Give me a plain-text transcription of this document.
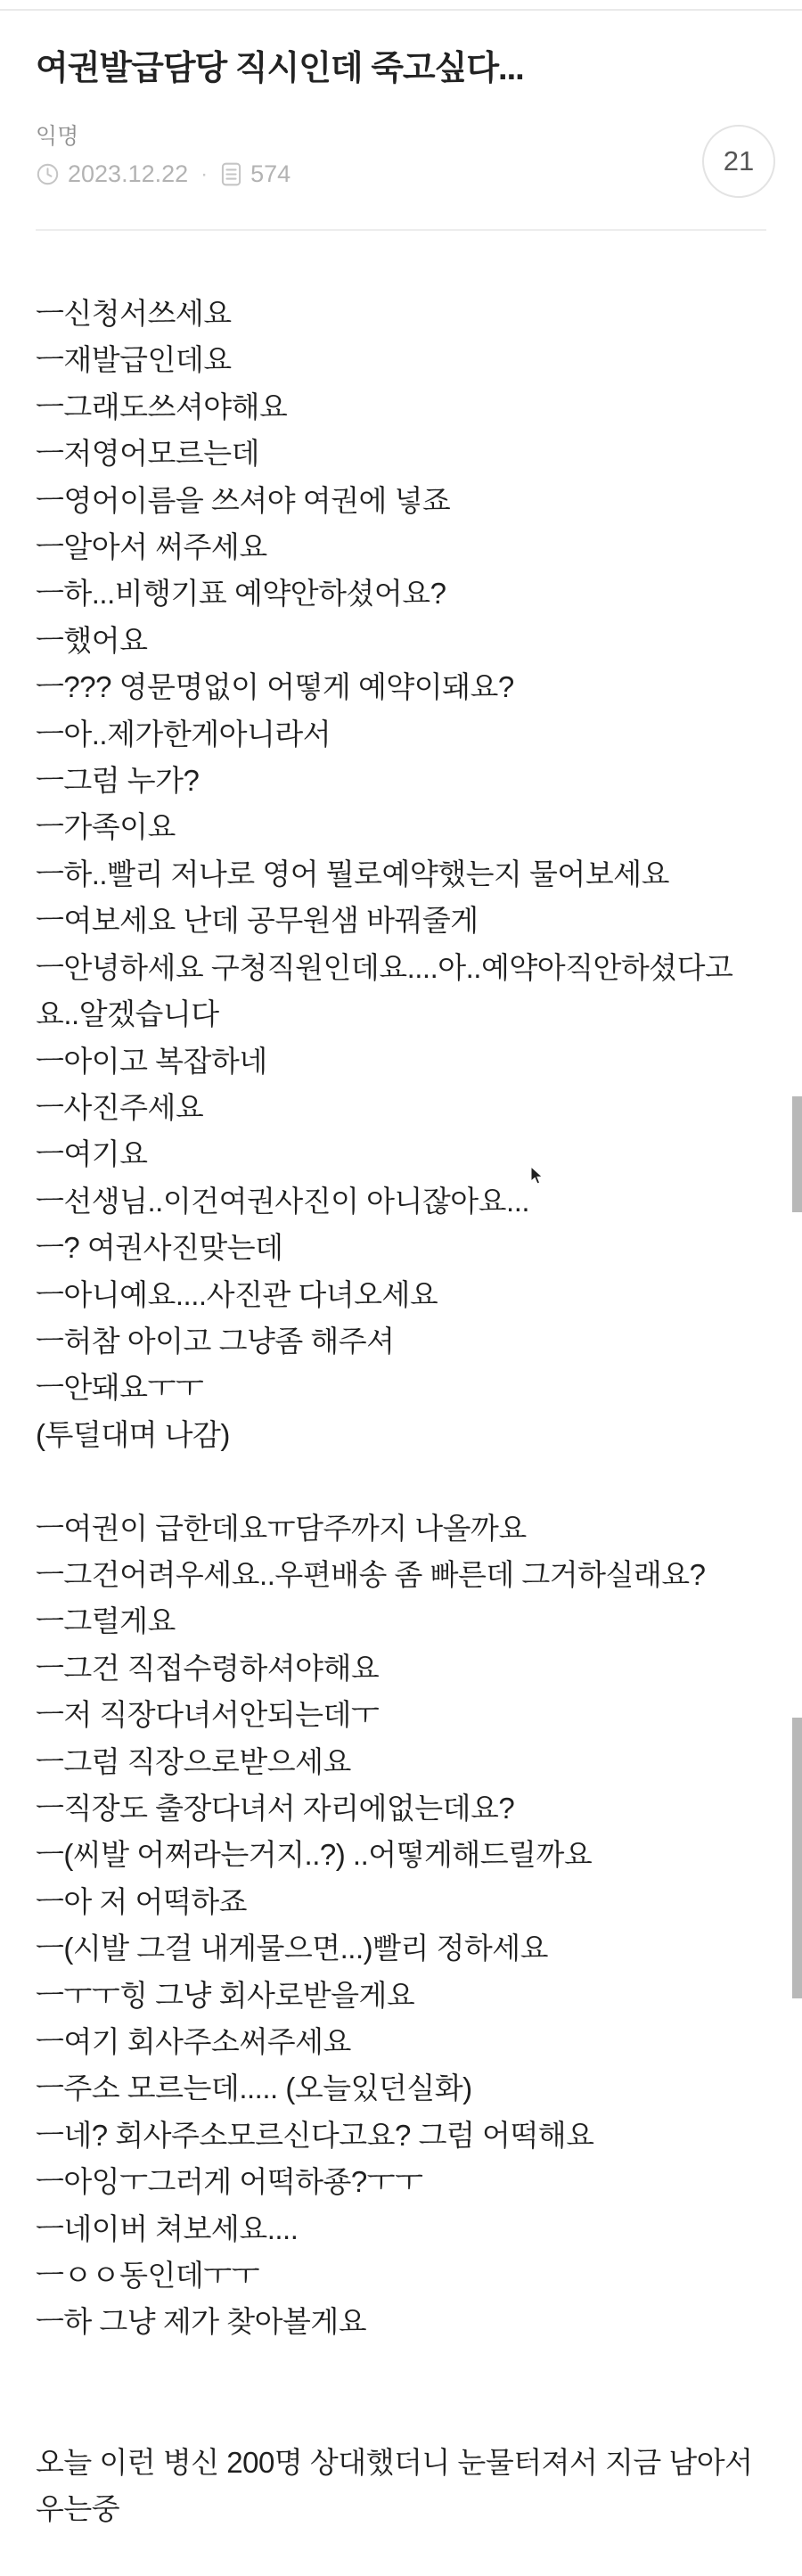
여권발급담당 직시인데 죽고싶다...
익명
2023.12.22 · 574	21

ㅡ신청서쓰세요

ㅡ재발급인데요

ㅡ그래도쓰셔야해요

ㅡ저영어모르는데

ㅡ영어이름을 쓰셔야 여권에 넣죠

ㅡ알아서 써주세요

ㅡ하...비행기표 예약안하셨어요?

ㅡ했어요

ㅡ??? 영문명없이 어떻게 예약이돼요?

ㅡ아..제가한게아니라서

ㅡ그럼 누가?

ㅡ가족이요

ㅡ하..빨리 저나로 영어 뭘로예약했는지 물어보세요

ㅡ여보세요 난데 공무원샘 바꿔줄게

ㅡ안녕하세요 구청직원인데요....아..예약아직안하셨다고요..알겠습니다

ㅡ아이고 복잡하네

ㅡ사진주세요

ㅡ여기요

ㅡ선생님..이건여권사진이 아니잖아요...

ㅡ? 여권사진맞는데

ㅡ아니예요....사진관 다녀오세요

ㅡ허참 아이고 그냥좀 해주셔

ㅡ안돼요ㅜㅜ

(투덜대며 나감)

ㅡ여권이 급한데요ㅠ담주까지 나올까요

ㅡ그건어려우세요..우편배송 좀 빠른데 그거하실래요?

ㅡ그럴게요

ㅡ그건 직접수령하셔야해요

ㅡ저 직장다녀서안되는데ㅜ

ㅡ그럼 직장으로받으세요

ㅡ직장도 출장다녀서 자리에없는데요?

ㅡ(씨발 어쩌라는거지..?) ..어떻게해드릴까요

ㅡ아 저 어떡하죠

ㅡ(시발 그걸 내게물으면...)빨리 정하세요

ㅡㅜㅜ힝 그냥 회사로받을게요

ㅡ여기 회사주소써주세요

ㅡ주소 모르는데..... (오늘있던실화)

ㅡ네? 회사주소모르신다고요? 그럼 어떡해요

ㅡ아잉ㅜ그러게 어떡하죵?ㅜㅜ

ㅡ네이버 쳐보세요....

ㅡㅇㅇ동인데ㅜㅜ

ㅡ하 그냥 제가 찾아볼게요

오늘 이런 병신 200명 상대했더니 눈물터져서 지금 남아서 우는중
